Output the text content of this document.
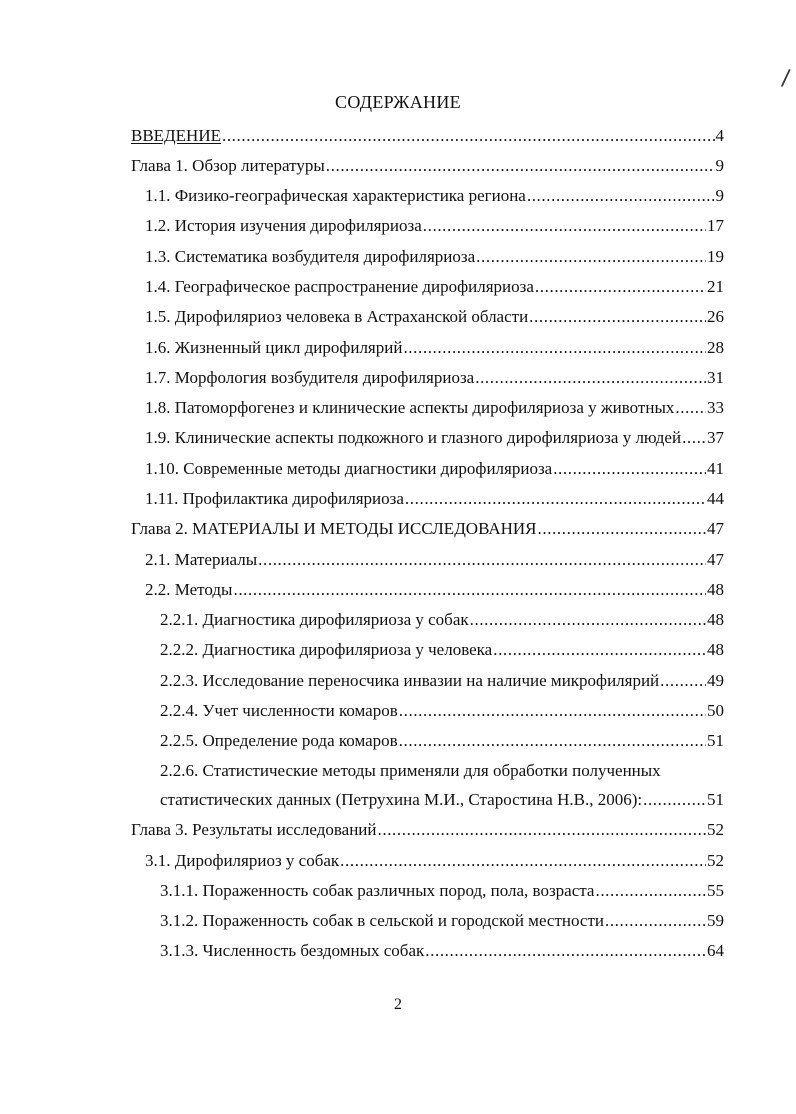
/
СОДЕРЖАНИЕ
ВВЕДЕНИЕ .....	4
Глава 1. Обзор литературы .....	9
1.1. Физико-географическая характеристика региона .....	9
1.2. История изучения дирофиляриоза .....	17
1.3. Систематика возбудителя дирофиляриоза .....	19
1.4. Географическое распространение дирофиляриоза .....	21
1.5. Дирофиляриоз человека в Астраханской области .....	26
1.6. Жизненный цикл дирофилярий .....	28
1.7. Морфология возбудителя дирофиляриоза .....	31
1.8. Патоморфогенез и клинические аспекты дирофиляриоза у животных ..... 33
1.9. Клинические аспекты подкожного и глазного дирофиляриоза у людей ..... 37
1.10. Современные методы диагностики дирофиляриоза .....	41
1.11. Профилактика дирофиляриоза .....	44
Глава 2. МАТЕРИАЛЫ И МЕТОДЫ ИССЛЕДОВАНИЯ .....	47
2.1. Материалы .....	47
2.2. Методы .....	48
2.2.1. Диагностика дирофиляриоза у собак .....	48
2.2.2. Диагностика дирофиляриоза у человека .....	48
2.2.3. Исследование переносчика инвазии на наличие микрофилярий .....	49
2.2.4. Учет численности комаров .....	50
2.2.5. Определение рода комаров .....	51
2.2.6. Статистические методы применяли для обработки полученных
статистических данных (Петрухина М.И., Старостина Н.В., 2006): .....	51
Глава 3. Результаты исследований .....	52
3.1. Дирофиляриоз у собак .....	52
3.1.1. Пораженность собак различных пород, пола, возраста .....	55
3.1.2. Пораженность собак в сельской и городской местности .....	59
3.1.3. Численность бездомных собак .....	64
2
